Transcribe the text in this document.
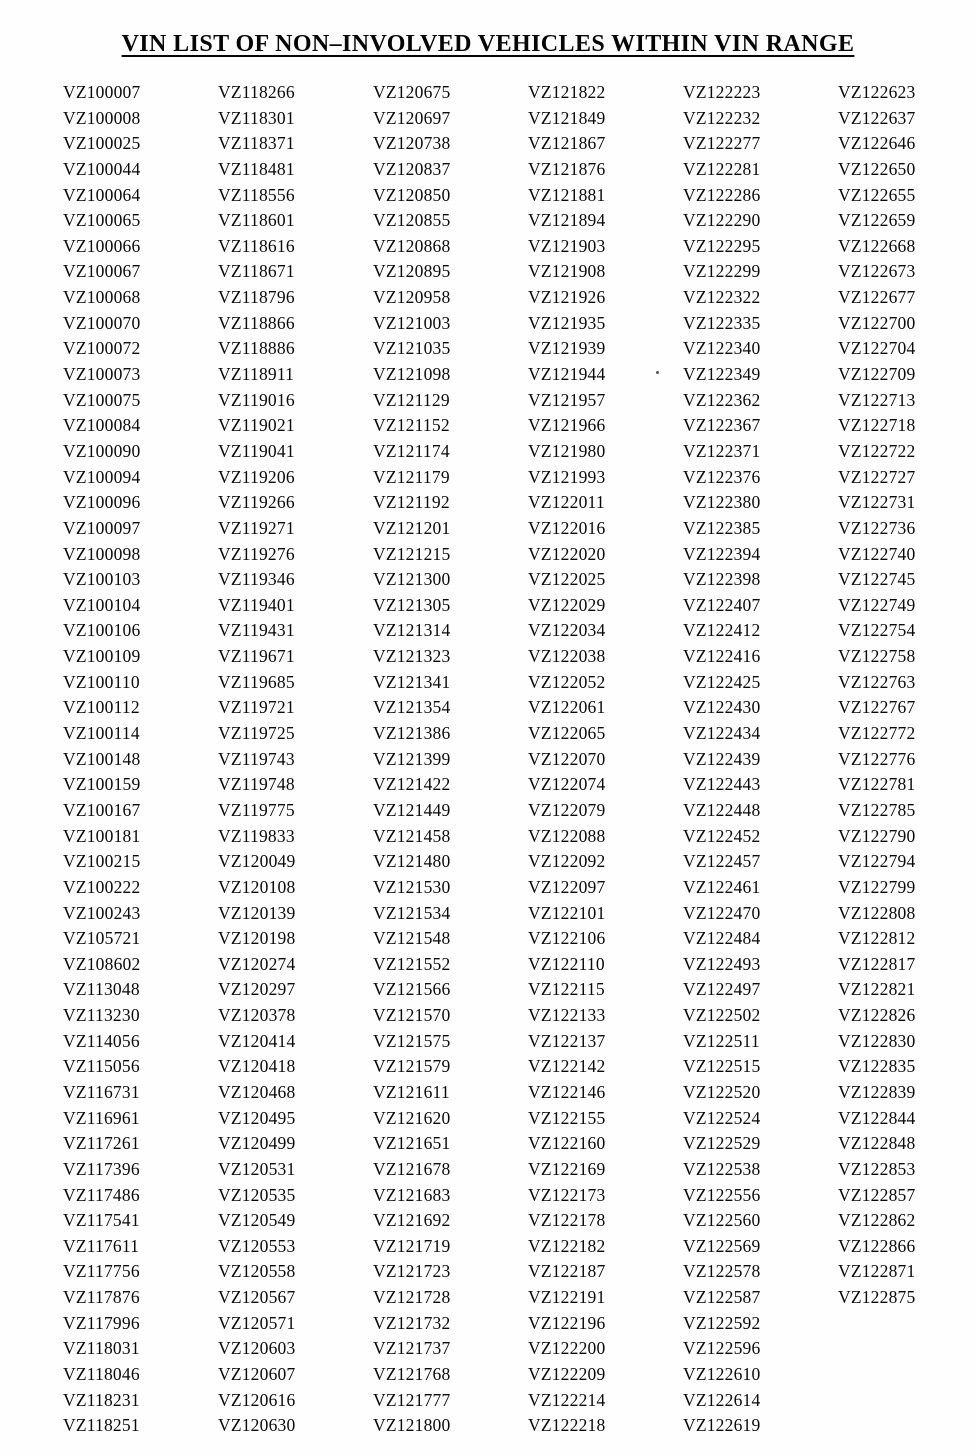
VIN LIST OF NON–INVOLVED VEHICLES WITHIN VIN RANGE
VZ100007
VZ100008
VZ100025
VZ100044
VZ100064
VZ100065
VZ100066
VZ100067
VZ100068
VZ100070
VZ100072
VZ100073
VZ100075
VZ100084
VZ100090
VZ100094
VZ100096
VZ100097
VZ100098
VZ100103
VZ100104
VZ100106
VZ100109
VZ100110
VZ100112
VZ100114
VZ100148
VZ100159
VZ100167
VZ100181
VZ100215
VZ100222
VZ100243
VZ105721
VZ108602
VZ113048
VZ113230
VZ114056
VZ115056
VZ116731
VZ116961
VZ117261
VZ117396
VZ117486
VZ117541
VZ117611
VZ117756
VZ117876
VZ117996
VZ118031
VZ118046
VZ118231
VZ118251
VZ118266
VZ118301
VZ118371
VZ118481
VZ118556
VZ118601
VZ118616
VZ118671
VZ118796
VZ118866
VZ118886
VZ118911
VZ119016
VZ119021
VZ119041
VZ119206
VZ119266
VZ119271
VZ119276
VZ119346
VZ119401
VZ119431
VZ119671
VZ119685
VZ119721
VZ119725
VZ119743
VZ119748
VZ119775
VZ119833
VZ120049
VZ120108
VZ120139
VZ120198
VZ120274
VZ120297
VZ120378
VZ120414
VZ120418
VZ120468
VZ120495
VZ120499
VZ120531
VZ120535
VZ120549
VZ120553
VZ120558
VZ120567
VZ120571
VZ120603
VZ120607
VZ120616
VZ120630
VZ120675
VZ120697
VZ120738
VZ120837
VZ120850
VZ120855
VZ120868
VZ120895
VZ120958
VZ121003
VZ121035
VZ121098
VZ121129
VZ121152
VZ121174
VZ121179
VZ121192
VZ121201
VZ121215
VZ121300
VZ121305
VZ121314
VZ121323
VZ121341
VZ121354
VZ121386
VZ121399
VZ121422
VZ121449
VZ121458
VZ121480
VZ121530
VZ121534
VZ121548
VZ121552
VZ121566
VZ121570
VZ121575
VZ121579
VZ121611
VZ121620
VZ121651
VZ121678
VZ121683
VZ121692
VZ121719
VZ121723
VZ121728
VZ121732
VZ121737
VZ121768
VZ121777
VZ121800
VZ121822
VZ121849
VZ121867
VZ121876
VZ121881
VZ121894
VZ121903
VZ121908
VZ121926
VZ121935
VZ121939
VZ121944
VZ121957
VZ121966
VZ121980
VZ121993
VZ122011
VZ122016
VZ122020
VZ122025
VZ122029
VZ122034
VZ122038
VZ122052
VZ122061
VZ122065
VZ122070
VZ122074
VZ122079
VZ122088
VZ122092
VZ122097
VZ122101
VZ122106
VZ122110
VZ122115
VZ122133
VZ122137
VZ122142
VZ122146
VZ122155
VZ122160
VZ122169
VZ122173
VZ122178
VZ122182
VZ122187
VZ122191
VZ122196
VZ122200
VZ122209
VZ122214
VZ122218
VZ122223
VZ122232
VZ122277
VZ122281
VZ122286
VZ122290
VZ122295
VZ122299
VZ122322
VZ122335
VZ122340
VZ122349
VZ122362
VZ122367
VZ122371
VZ122376
VZ122380
VZ122385
VZ122394
VZ122398
VZ122407
VZ122412
VZ122416
VZ122425
VZ122430
VZ122434
VZ122439
VZ122443
VZ122448
VZ122452
VZ122457
VZ122461
VZ122470
VZ122484
VZ122493
VZ122497
VZ122502
VZ122511
VZ122515
VZ122520
VZ122524
VZ122529
VZ122538
VZ122556
VZ122560
VZ122569
VZ122578
VZ122587
VZ122592
VZ122596
VZ122610
VZ122614
VZ122619
VZ122623
VZ122637
VZ122646
VZ122650
VZ122655
VZ122659
VZ122668
VZ122673
VZ122677
VZ122700
VZ122704
VZ122709
VZ122713
VZ122718
VZ122722
VZ122727
VZ122731
VZ122736
VZ122740
VZ122745
VZ122749
VZ122754
VZ122758
VZ122763
VZ122767
VZ122772
VZ122776
VZ122781
VZ122785
VZ122790
VZ122794
VZ122799
VZ122808
VZ122812
VZ122817
VZ122821
VZ122826
VZ122830
VZ122835
VZ122839
VZ122844
VZ122848
VZ122853
VZ122857
VZ122862
VZ122866
VZ122871
VZ122875
